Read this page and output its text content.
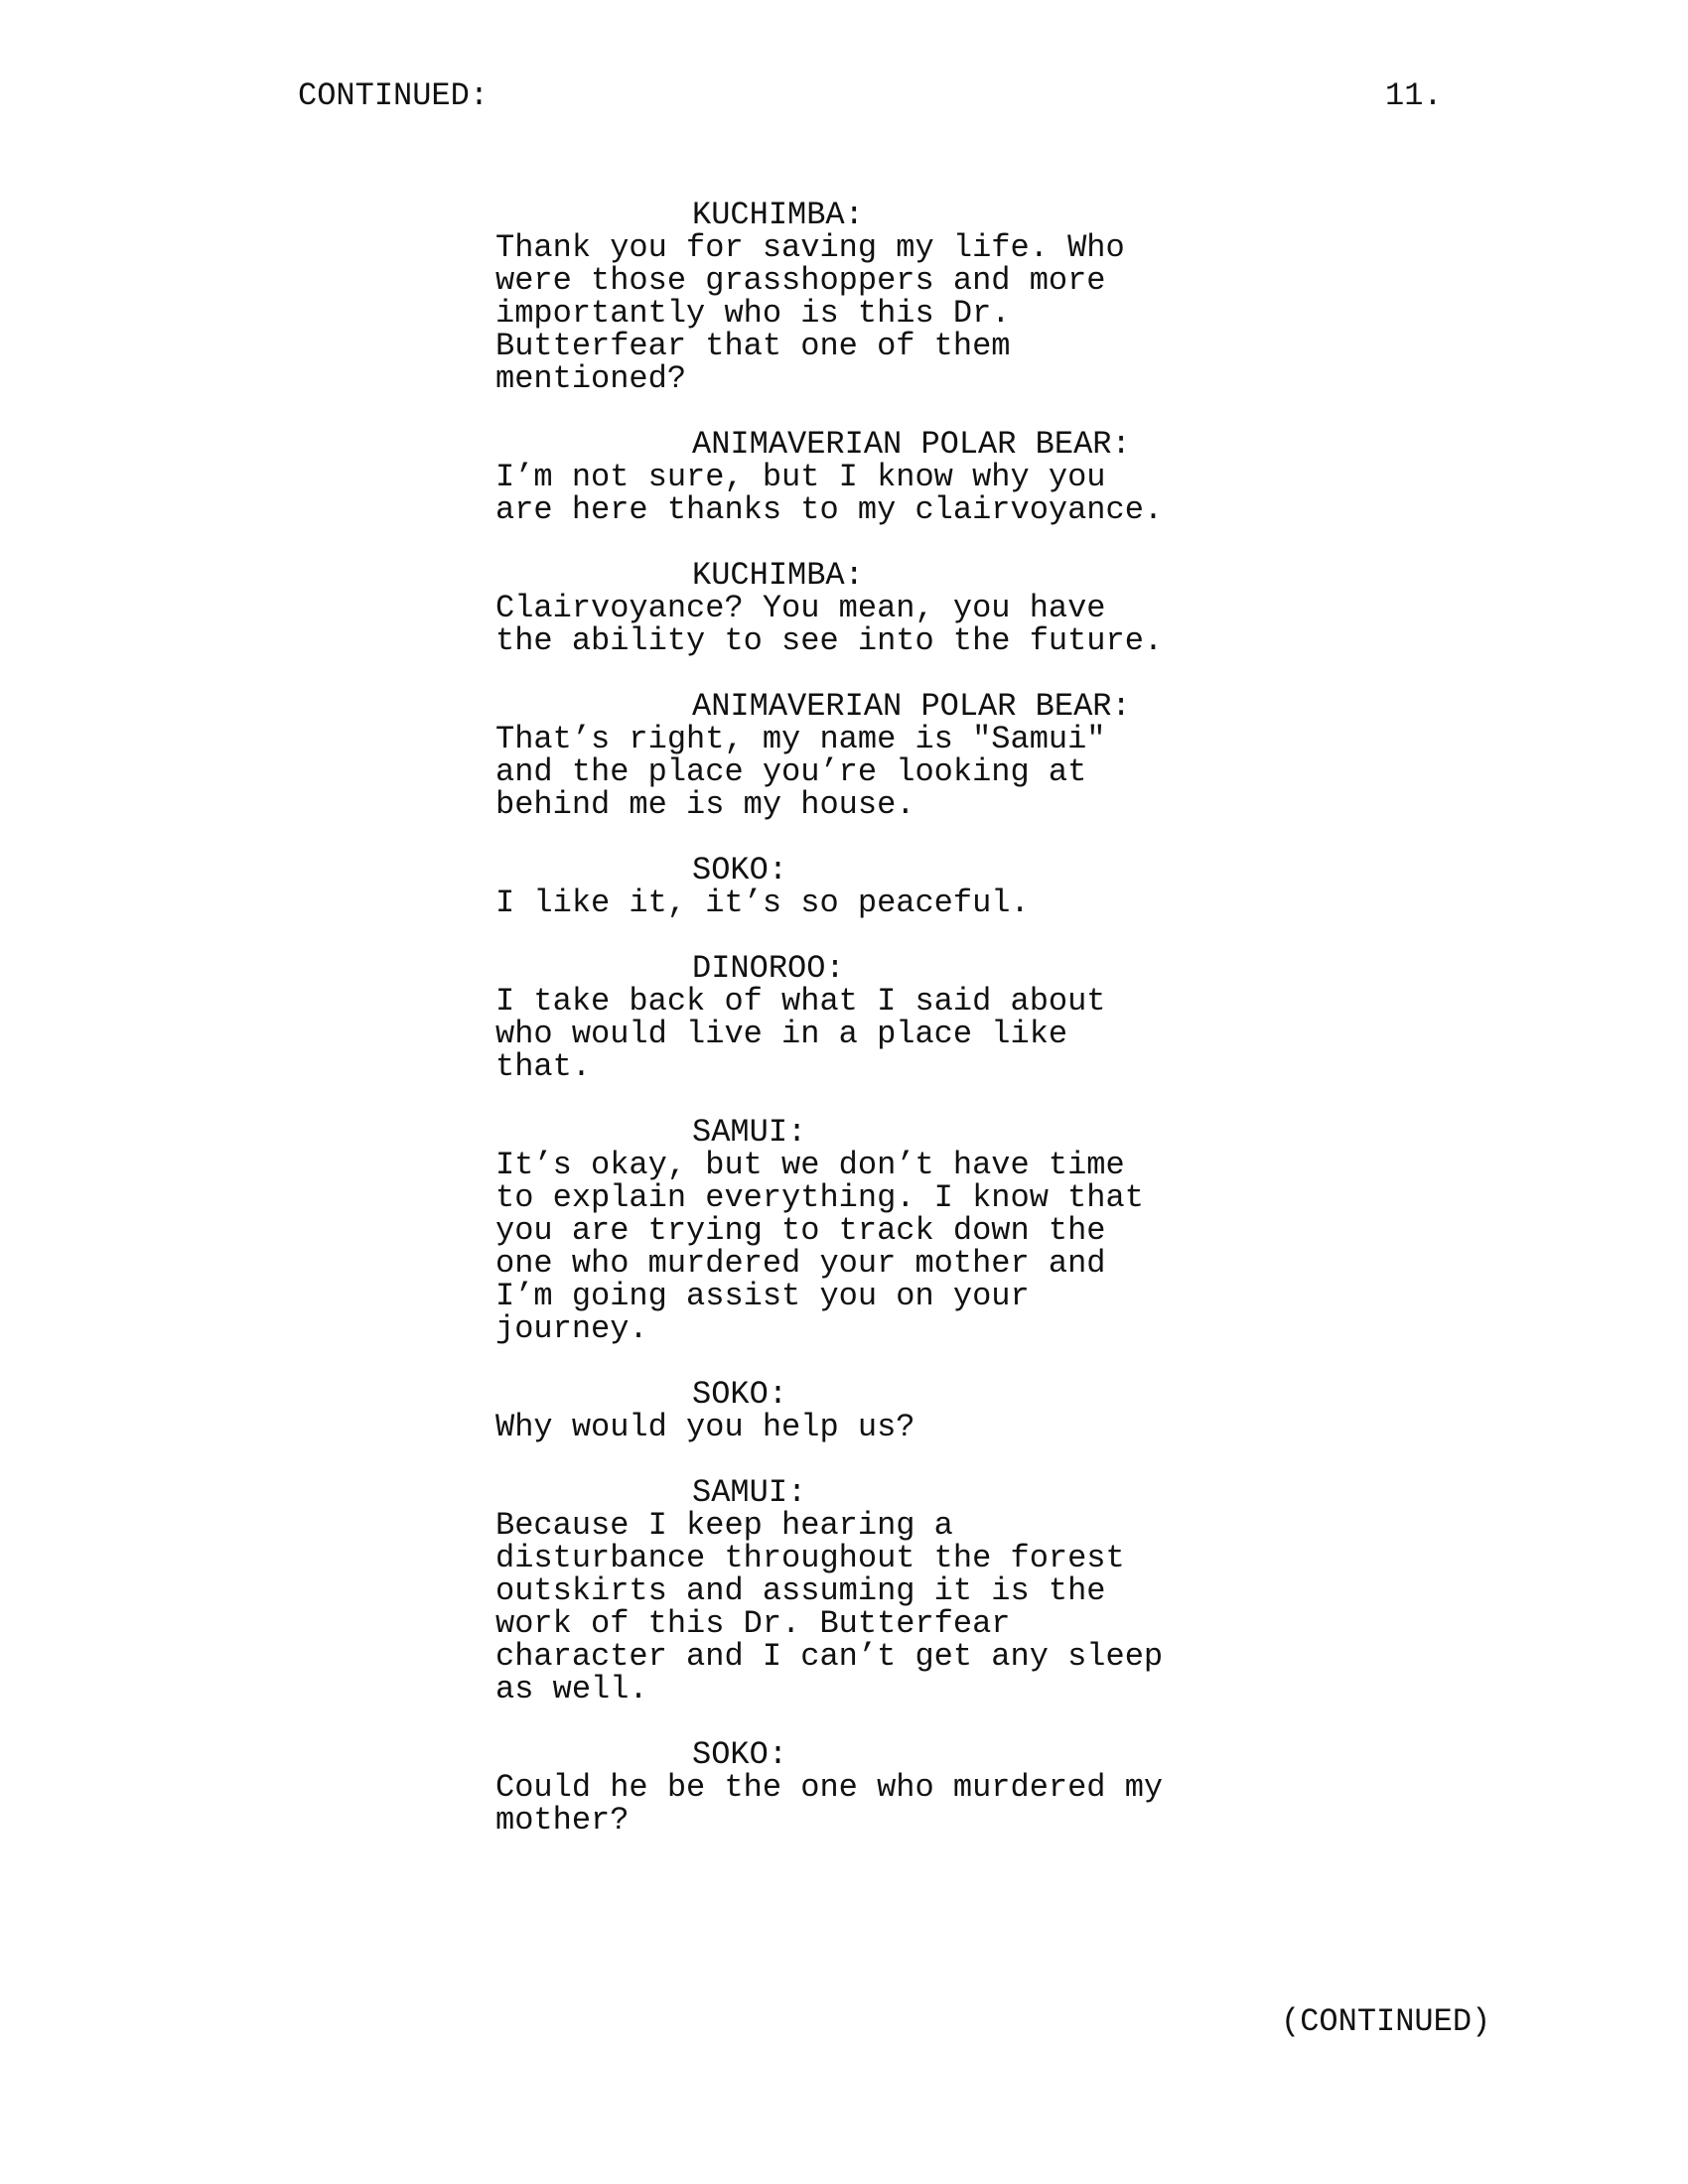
CONTINUED:	11.
KUCHIMBA:
Thank you for saving my life. Who
were those grasshoppers and more
importantly who is this Dr.
Butterfear that one of them
mentioned?
ANIMAVERIAN POLAR BEAR:
I’m not sure, but I know why you
are here thanks to my clairvoyance.
KUCHIMBA:
Clairvoyance? You mean, you have
the ability to see into the future.
ANIMAVERIAN POLAR BEAR:
That’s right, my name is "Samui"
and the place you’re looking at
behind me is my house.
SOKO:
I like it, it’s so peaceful.
DINOROO:
I take back of what I said about
who would live in a place like
that.
SAMUI:
It’s okay, but we don’t have time
to explain everything. I know that
you are trying to track down the
one who murdered your mother and
I’m going assist you on your
journey.
SOKO:
Why would you help us?
SAMUI:
Because I keep hearing a
disturbance throughout the forest
outskirts and assuming it is the
work of this Dr. Butterfear
character and I can’t get any sleep
as well.
SOKO:
Could he be the one who murdered my
mother?
(CONTINUED)
